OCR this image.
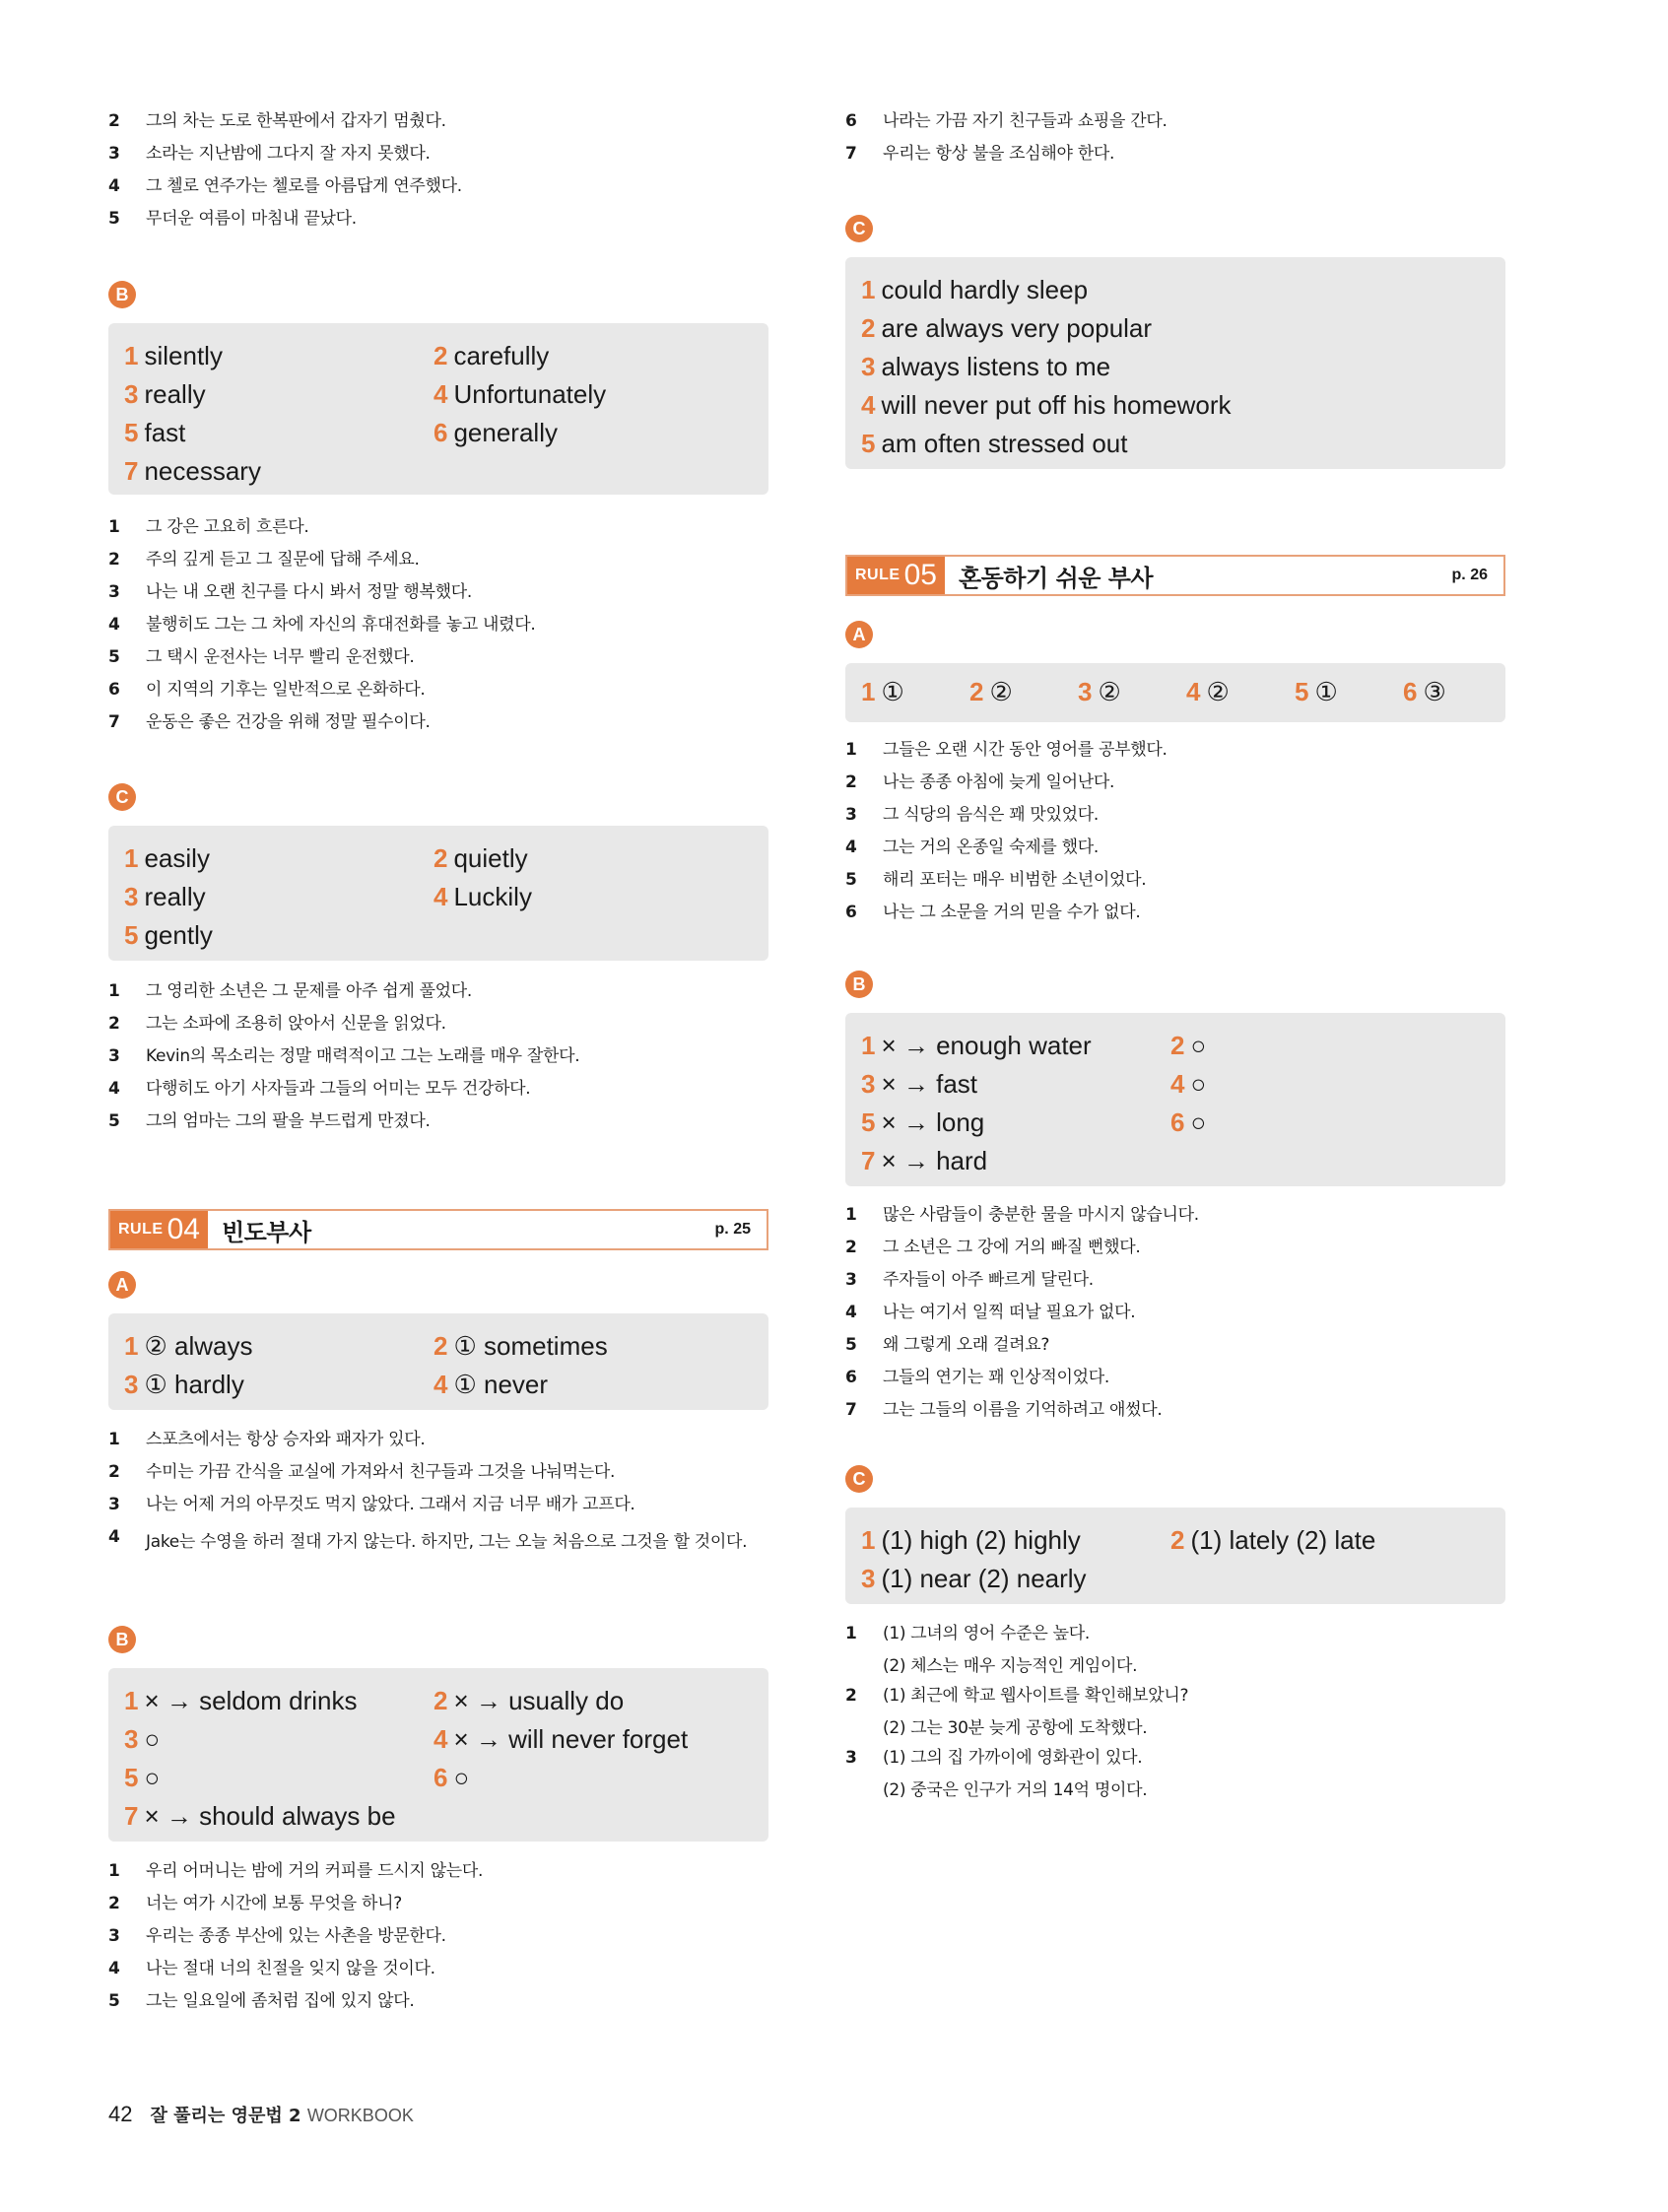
2	그의 차는 도로 한복판에서 갑자기 멈췄다.
3	소라는 지난밤에 그다지 잘 자지 못했다.
4	그 첼로 연주가는 첼로를 아름답게 연주했다.
5	무더운 여름이 마침내 끝났다.
B
1 silently	2 carefully
3 really	4 Unfortunately
5 fast	6 generally
7 necessary
1	그 강은 고요히 흐른다.
2	주의 깊게 듣고 그 질문에 답해 주세요.
3	나는 내 오랜 친구를 다시 봐서 정말 행복했다.
4	불행히도 그는 그 차에 자신의 휴대전화를 놓고 내렸다.
5	그 택시 운전사는 너무 빨리 운전했다.
6	이 지역의 기후는 일반적으로 온화하다.
7	운동은 좋은 건강을 위해 정말 필수이다.
C
1 easily	2 quietly
3 really	4 Luckily
5 gently
1	그 영리한 소년은 그 문제를 아주 쉽게 풀었다.
2	그는 소파에 조용히 앉아서 신문을 읽었다.
3	Kevin의 목소리는 정말 매력적이고 그는 노래를 매우 잘한다.
4	다행히도 아기 사자들과 그들의 어미는 모두 건강하다.
5	그의 엄마는 그의 팔을 부드럽게 만졌다.
RULE 04 빈도부사	p. 25
A
1 ② always	2 ① sometimes
3 ① hardly	4 ① never
1	스포츠에서는 항상 승자와 패자가 있다.
2	수미는 가끔 간식을 교실에 가져와서 친구들과 그것을 나눠먹는다.
3	나는 어제 거의 아무것도 먹지 않았다. 그래서 지금 너무 배가 고프다.
4	Jake는 수영을 하러 절대 가지 않는다. 하지만, 그는 오늘 처음으로 그것을 할 것이다.
B
1 × → seldom drinks	2 × → usually do
3 ○	4 × → will never forget
5 ○	6 ○
7 × → should always be
1	우리 어머니는 밤에 거의 커피를 드시지 않는다.
2	너는 여가 시간에 보통 무엇을 하니?
3	우리는 종종 부산에 있는 사촌을 방문한다.
4	나는 절대 너의 친절을 잊지 않을 것이다.
5	그는 일요일에 좀처럼 집에 있지 않다.
6	나라는 가끔 자기 친구들과 쇼핑을 간다.
7	우리는 항상 불을 조심해야 한다.
C
1 could hardly sleep
2 are always very popular
3 always listens to me
4 will never put off his homework
5 am often stressed out
RULE 05 혼동하기 쉬운 부사	p. 26
A
1 ①	2 ②	3 ②	4 ②	5 ①	6 ③
1	그들은 오랜 시간 동안 영어를 공부했다.
2	나는 종종 아침에 늦게 일어난다.
3	그 식당의 음식은 꽤 맛있었다.
4	그는 거의 온종일 숙제를 했다.
5	해리 포터는 매우 비범한 소년이었다.
6	나는 그 소문을 거의 믿을 수가 없다.
B
1 × → enough water	2 ○
3 × → fast	4 ○
5 × → long	6 ○
7 × → hard
1	많은 사람들이 충분한 물을 마시지 않습니다.
2	그 소년은 그 강에 거의 빠질 뻔했다.
3	주자들이 아주 빠르게 달린다.
4	나는 여기서 일찍 떠날 필요가 없다.
5	왜 그렇게 오래 걸려요?
6	그들의 연기는 꽤 인상적이었다.
7	그는 그들의 이름을 기억하려고 애썼다.
C
1 (1) high (2) highly	2 (1) lately (2) late
3 (1) near (2) nearly
1	(1) 그녀의 영어 수준은 높다.
(2) 체스는 매우 지능적인 게임이다.
2	(1) 최근에 학교 웹사이트를 확인해보았니?
(2) 그는 30분 늦게 공항에 도착했다.
3	(1) 그의 집 가까이에 영화관이 있다.
(2) 중국은 인구가 거의 14억 명이다.
42 잘 풀리는 영문법 2 WORKBOOK
